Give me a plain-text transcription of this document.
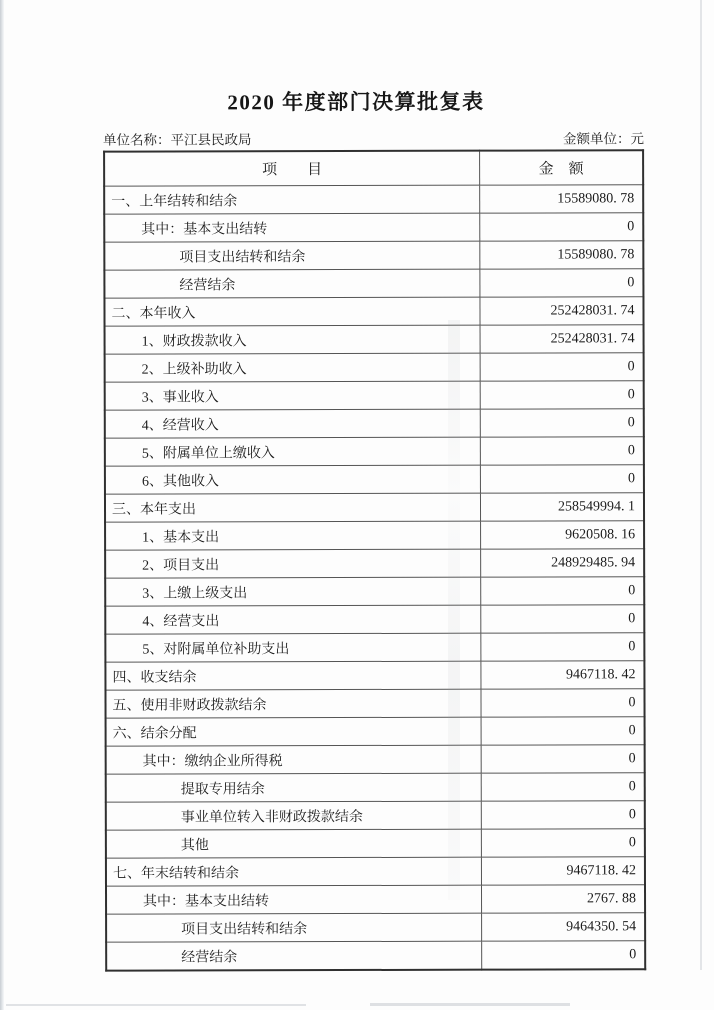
2020 年度部门决算批复表
单位名称：平江县民政局	金额单位：元
项　　目	金　额
一、上年结转和结余	15589080. 78
其中：基本支出结转	0
项目支出结转和结余	15589080. 78
经营结余	0
二、本年收入	252428031. 74
1、财政拨款收入	252428031. 74
2、上级补助收入	0
3、事业收入	0
4、经营收入	0
5、附属单位上缴收入	0
6、其他收入	0
三、本年支出	258549994. 1
1、基本支出	9620508. 16
2、项目支出	248929485. 94
3、上缴上级支出	0
4、经营支出	0
5、对附属单位补助支出	0
四、收支结余	9467118. 42
五、使用非财政拨款结余	0
六、结余分配	0
其中：缴纳企业所得税	0
提取专用结余	0
事业单位转入非财政拨款结余	0
其他	0
七、年末结转和结余	9467118. 42
其中：基本支出结转	2767. 88
项目支出结转和结余	9464350. 54
经营结余	0
